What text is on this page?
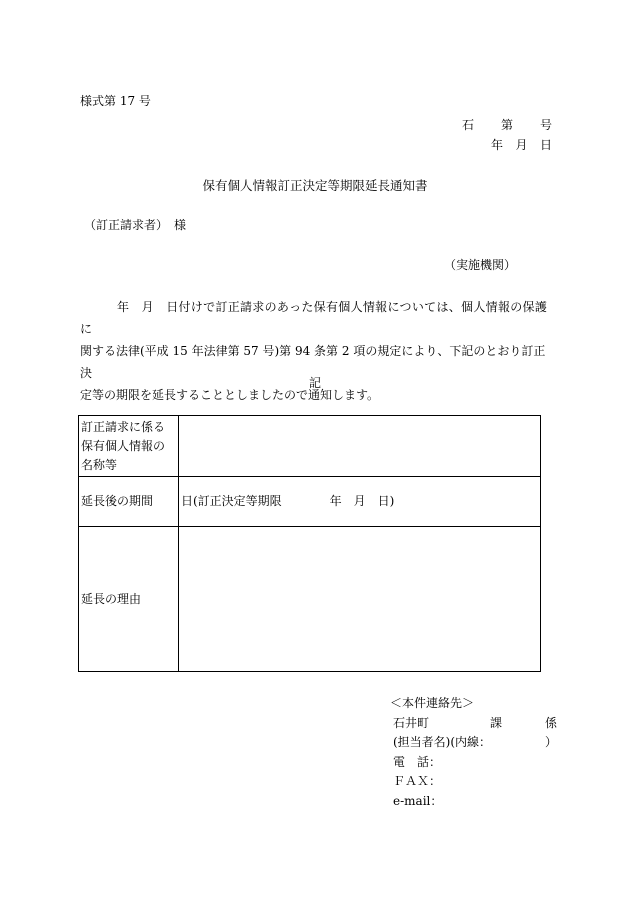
様式第 17 号
石 第 号
年 月 日
保有個人情報訂正決定等期限延長通知書
（訂正請求者）　様
（実施機関）

年　月　日付けで訂正請求のあった保有個人情報については、個人情報の保護に

関する法律(平成 15 年法律第 57 号)第 94 条第 2 項の規定により、下記のとおり訂正決

定等の期限を延長することとしましたので通知します。

記
訂正請求に係る保有個人情報の名称等	
延長後の期間	日(訂正決定等期限　　　　年　月　日)
延長の理由	
＜本件連絡先＞
石井町	課	係
(担当者名)(内線：	）
電　話：
ＦＡＸ：
e-mail：
